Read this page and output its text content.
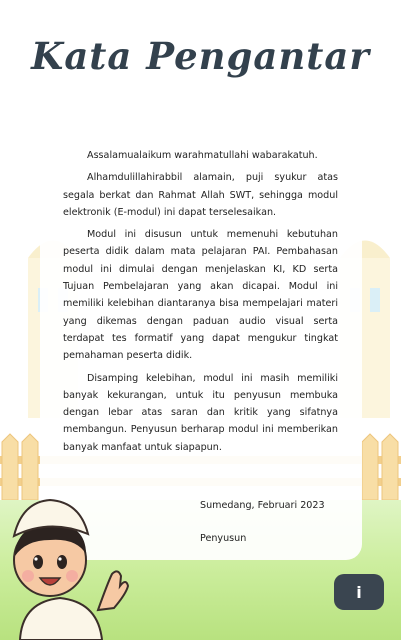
Kata Pengantar

Assalamualaikum warahmatullahi wabarakatuh.

Alhamdulillahirabbil alamain, puji syukur atas segala berkat dan Rahmat Allah SWT, sehingga modul elektronik (E-modul) ini dapat terselesaikan.

Modul ini disusun untuk memenuhi kebutuhan peserta didik dalam mata pelajaran PAI. Pembahasan modul ini dimulai dengan menjelaskan KI, KD serta Tujuan Pembelajaran yang akan dicapai. Modul ini memiliki kelebihan diantaranya bisa mempelajari materi yang dikemas dengan paduan audio visual serta terdapat tes formatif yang dapat mengukur tingkat pemahaman peserta didik.

Disamping kelebihan, modul ini masih memiliki banyak kekurangan, untuk itu penyusun membuka dengan lebar atas saran dan kritik yang sifatnya membangun. Penyusun berharap modul ini memberikan banyak manfaat untuk siapapun.

Sumedang, Februari 2023
Penyusun
i
